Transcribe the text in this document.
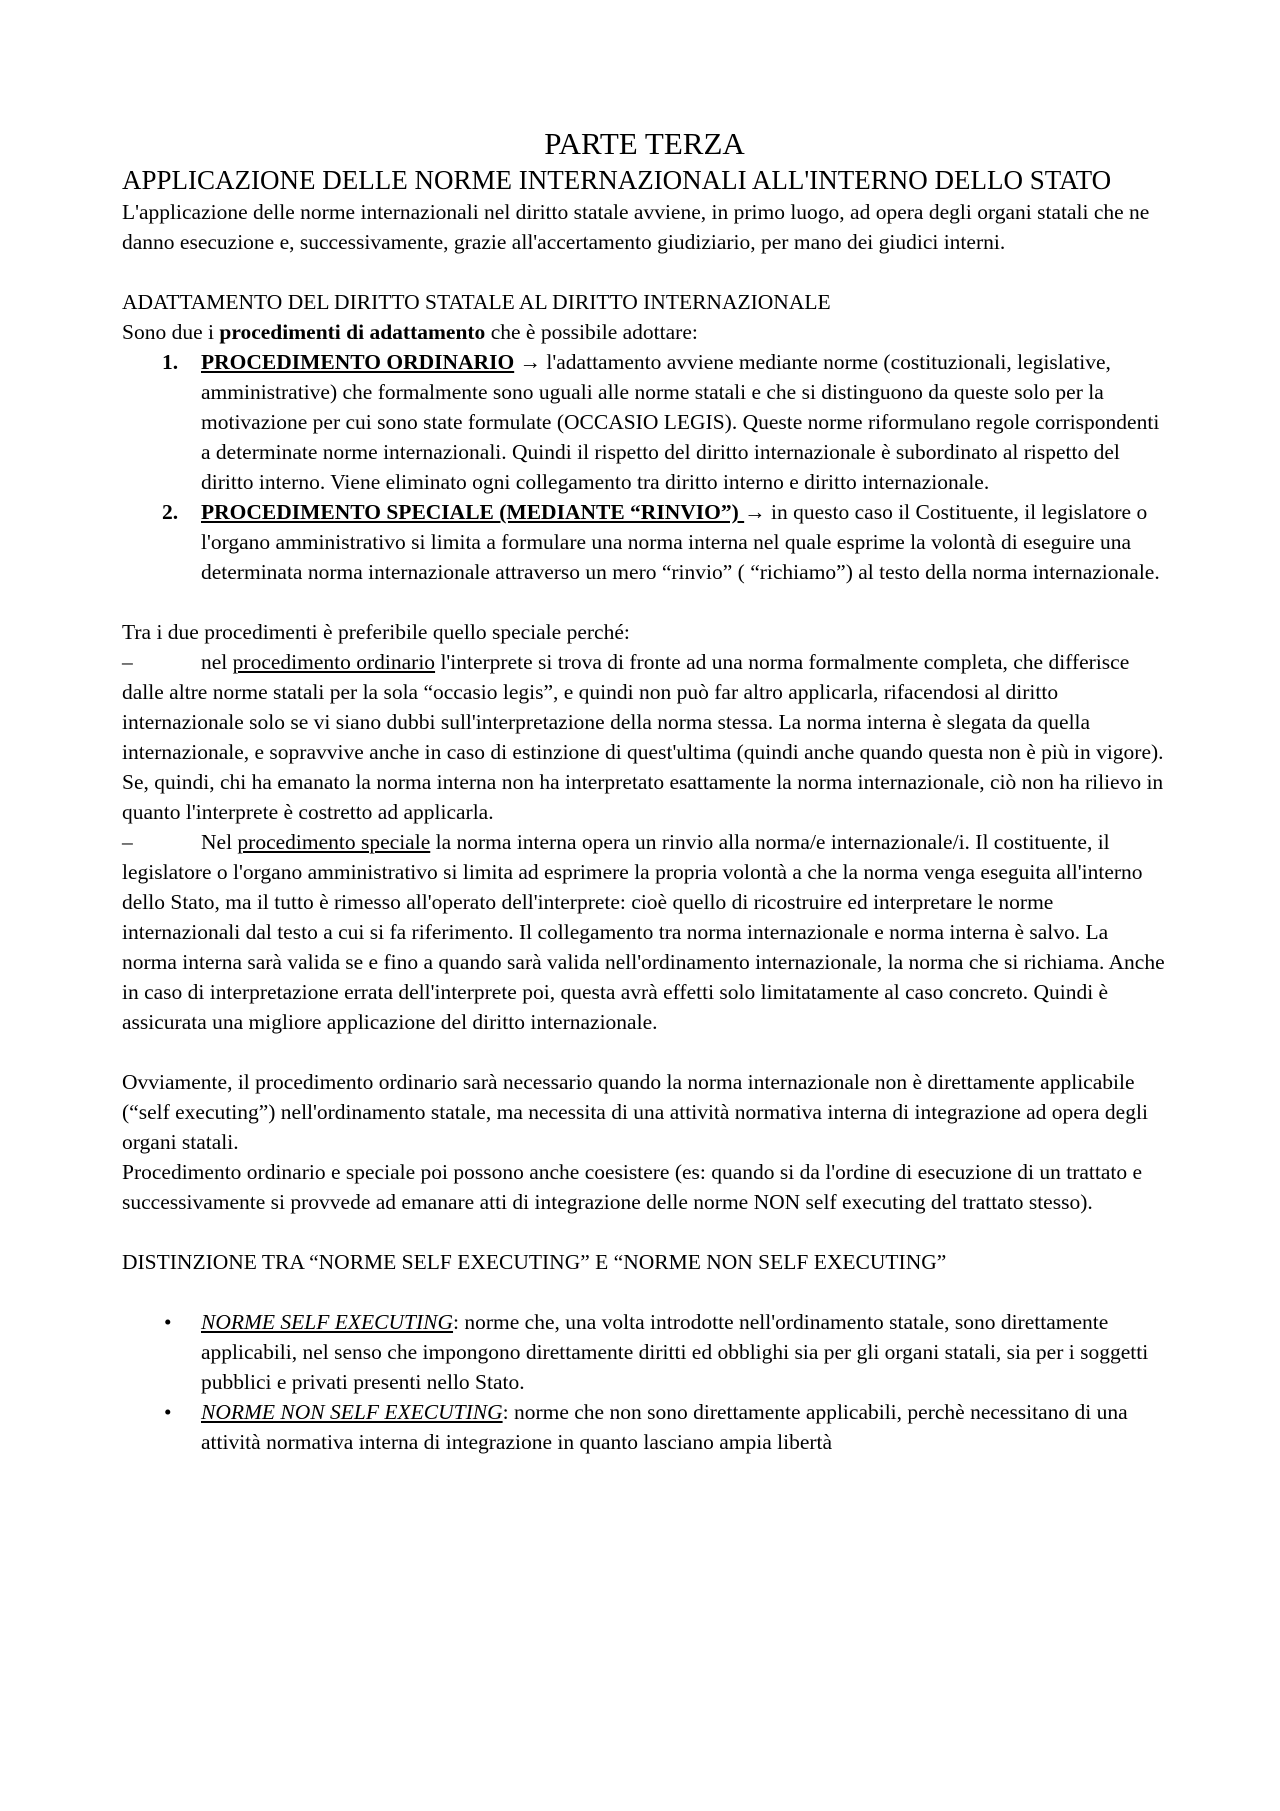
PARTE TERZA

APPLICAZIONE DELLE NORME INTERNAZIONALI ALL'INTERNO DELLO STATO

L'applicazione delle norme internazionali nel diritto statale avviene, in primo luogo, ad opera degli organi statali che ne danno esecuzione e, successivamente, grazie all'accertamento giudiziario, per mano dei giudici interni.

ADATTAMENTO DEL DIRITTO STATALE AL DIRITTO INTERNAZIONALE

Sono due i procedimenti di adattamento che è possibile adottare:

1. PROCEDIMENTO ORDINARIO → l'adattamento avviene mediante norme (costituzionali, legislative, amministrative) che formalmente sono uguali alle norme statali e che si distinguono da queste solo per la motivazione per cui sono state formulate (OCCASIO LEGIS). Queste norme riformulano regole corrispondenti a determinate norme internazionali. Quindi il rispetto del diritto internazionale è subordinato al rispetto del diritto interno. Viene eliminato ogni collegamento tra diritto interno e diritto internazionale.
2. PROCEDIMENTO SPECIALE (MEDIANTE “RINVIO”) → in questo caso il Costituente, il legislatore o l'organo amministrativo si limita a formulare una norma interna nel quale esprime la volontà di eseguire una determinata norma internazionale attraverso un mero “rinvio” ( “richiamo”) al testo della norma internazionale.

Tra i due procedimenti è preferibile quello speciale perché:

–	nel procedimento ordinario l'interprete si trova di fronte ad una norma formalmente completa, che differisce dalle altre norme statali per la sola “occasio legis”, e quindi non può far altro applicarla, rifacendosi al diritto internazionale solo se vi siano dubbi sull'interpretazione della norma stessa. La norma interna è slegata da quella internazionale, e sopravvive anche in caso di estinzione di quest'ultima (quindi anche quando questa non è più in vigore). Se, quindi, chi ha emanato la norma interna non ha interpretato esattamente la norma internazionale, ciò non ha rilievo in quanto l'interprete è costretto ad applicarla.

–	Nel procedimento speciale la norma interna opera un rinvio alla norma/e internazionale/i. Il costituente, il legislatore o l'organo amministrativo si limita ad esprimere la propria volontà a che la norma venga eseguita all'interno dello Stato, ma il tutto è rimesso all'operato dell'interprete: cioè quello di ricostruire ed interpretare le norme internazionali dal testo a cui si fa riferimento. Il collegamento tra norma internazionale e norma interna è salvo. La norma interna sarà valida se e fino a quando sarà valida nell'ordinamento internazionale, la norma che si richiama. Anche in caso di interpretazione errata dell'interprete poi, questa avrà effetti solo limitatamente al caso concreto. Quindi è assicurata una migliore applicazione del diritto internazionale.

Ovviamente, il procedimento ordinario sarà necessario quando la norma internazionale non è direttamente applicabile (“self executing”) nell'ordinamento statale, ma necessita di una attività normativa interna di integrazione ad opera degli organi statali.

Procedimento ordinario e speciale poi possono anche coesistere (es: quando si da l'ordine di esecuzione di un trattato e successivamente si provvede ad emanare atti di integrazione delle norme NON self executing del trattato stesso).

DISTINZIONE TRA “NORME SELF EXECUTING” E “NORME NON SELF EXECUTING”

• NORME SELF EXECUTING: norme che, una volta introdotte nell'ordinamento statale, sono direttamente applicabili, nel senso che impongono direttamente diritti ed obblighi sia per gli organi statali, sia per i soggetti pubblici e privati presenti nello Stato.
• NORME NON SELF EXECUTING: norme che non sono direttamente applicabili, perchè necessitano di una attività normativa interna di integrazione in quanto lasciano ampia libertà
